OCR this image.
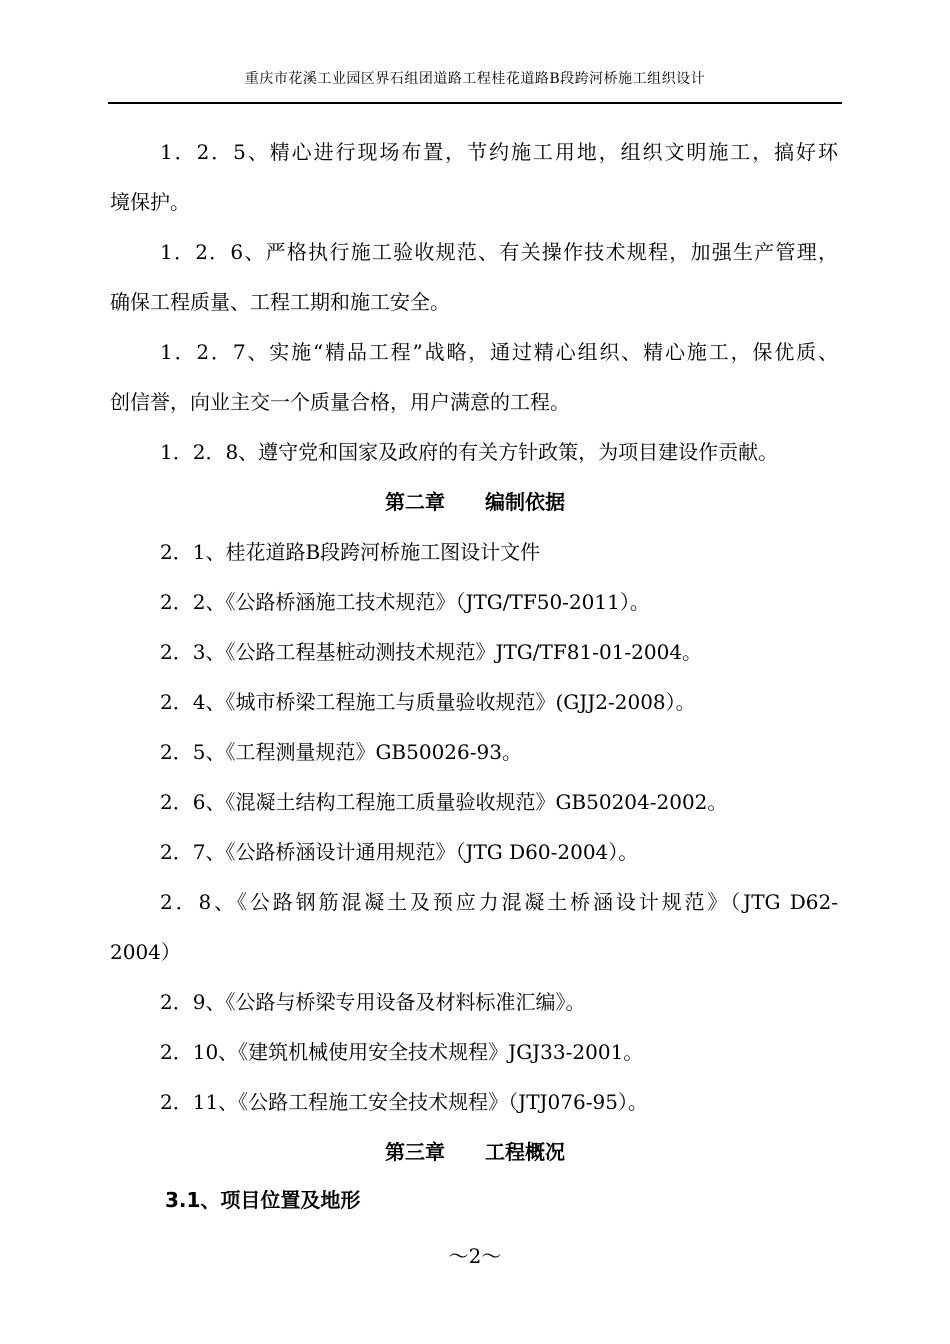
重庆市花溪工业园区界石组团道路工程桂花道路B段跨河桥施工组织设计
1．2．5、精心进行现场布置，节约施工用地，组织文明施工，搞好环
境保护。
1．2．6、严格执行施工验收规范、有关操作技术规程，加强生产管理，
确保工程质量、工程工期和施工安全。
1．2．7、实施“精品工程”战略，通过精心组织、精心施工，保优质、
创信誉，向业主交一个质量合格，用户满意的工程。
1．2．8、遵守党和国家及政府的有关方针政策，为项目建设作贡献。
第二章 编制依据
2．1、桂花道路B段跨河桥施工图设计文件
2．2、《公路桥涵施工技术规范》（JTG/TF50-2011）。
2．3、《公路工程基桩动测技术规范》JTG/TF81-01-2004。
2．4、《城市桥梁工程施工与质量验收规范》(GJJ2-2008）。
2．5、《工程测量规范》GB50026-93。
2．6、《混凝土结构工程施工质量验收规范》GB50204-2002。
2．7、《公路桥涵设计通用规范》（JTG D60-2004）。
2．8、《公路钢筋混凝土及预应力混凝土桥涵设计规范》（JTG D62-
2004）
2．9、《公路与桥梁专用设备及材料标准汇编》。
2．10、《建筑机械使用安全技术规程》JGJ33-2001。
2．11、《公路工程施工安全技术规程》（JTJ076-95）。
第三章 工程概况
3.1、项目位置及地形
～2～
